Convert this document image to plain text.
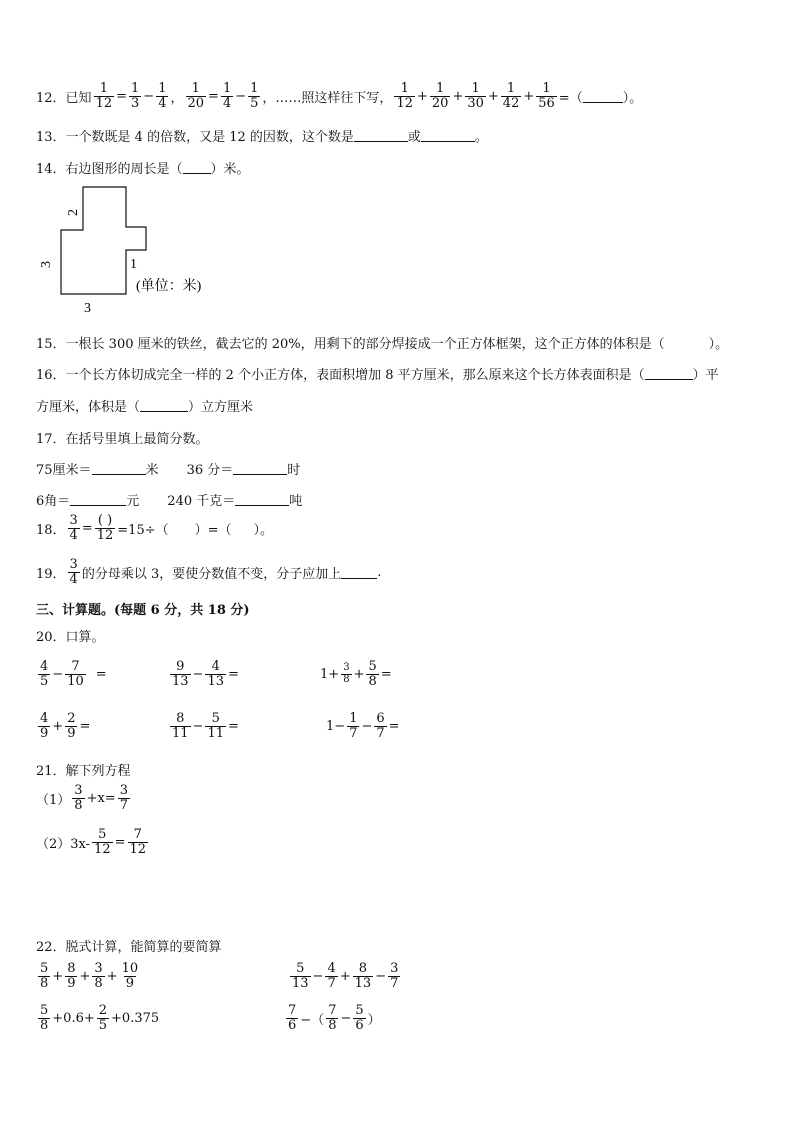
12． 已知 $\frac{1}{12} = \frac{1}{3} - \frac{1}{4}$ ， $\frac{1}{20} = \frac{1}{4} - \frac{1}{5}$ ，……照这样往下写， $\frac{1}{12} + \frac{1}{20} + \frac{1}{30} + \frac{1}{42} + \frac{1}{56}$ =（	）。
13．一个数既是 4 的倍数，又是 12 的因数，这个数是	或	。
14．右边图形的周长是（ ）米。
2
3	1
3
(单位：米)
15．一根长 300 厘米的铁丝，截去它的 20%，用剩下的部分焊接成一个正方体框架，这个正方体的体积是（	）。
16．一个长方体切成完全一样的 2 个小正方体，表面积增加 8 平方厘米，那么原来这个长方体表面积是（	）平
方厘米，体积是（	）立方厘米
17．在括号里填上最简分数。
75厘米＝	米 36 分＝	时
6角＝	元 240 千克＝	吨
18． $\frac{3}{4} = \frac{( )}{12} =15\div$（ ）=（ ）。
19． $\frac{3}{4}$ 的分母乘以 3，要使分数值不变，分子应加上	.
三、计算题。(每题 6 分，共 18 分)
20．口算。
$\frac{4}{5} - \frac{7}{10}$ =	$\frac{9}{13} - \frac{4}{13}$ =	$1 + \frac{3}{8} + \frac{5}{8}$ =
$\frac{4}{9} + \frac{2}{9}$ =	$\frac{8}{11} - \frac{5}{11}$ =	$1 - \frac{1}{7} - \frac{6}{7}$ =
21．解下列方程
$(1) \frac{3}{8} +x= \frac{3}{7}$
$(2)3x- \frac{5}{12} = \frac{7}{12}$
22．脱式计算，能简算的要简算
$\frac{5}{8} + \frac{8}{9} + \frac{3}{8} + \frac{10}{9}$	$\frac{5}{13} - \frac{4}{7} + \frac{8}{13} - \frac{3}{7}$
$\frac{5}{8} +0.6+ \frac{2}{5} +0.375$	$\frac{7}{6}$ −（ $\frac{7}{8} - \frac{5}{6}$ ）
